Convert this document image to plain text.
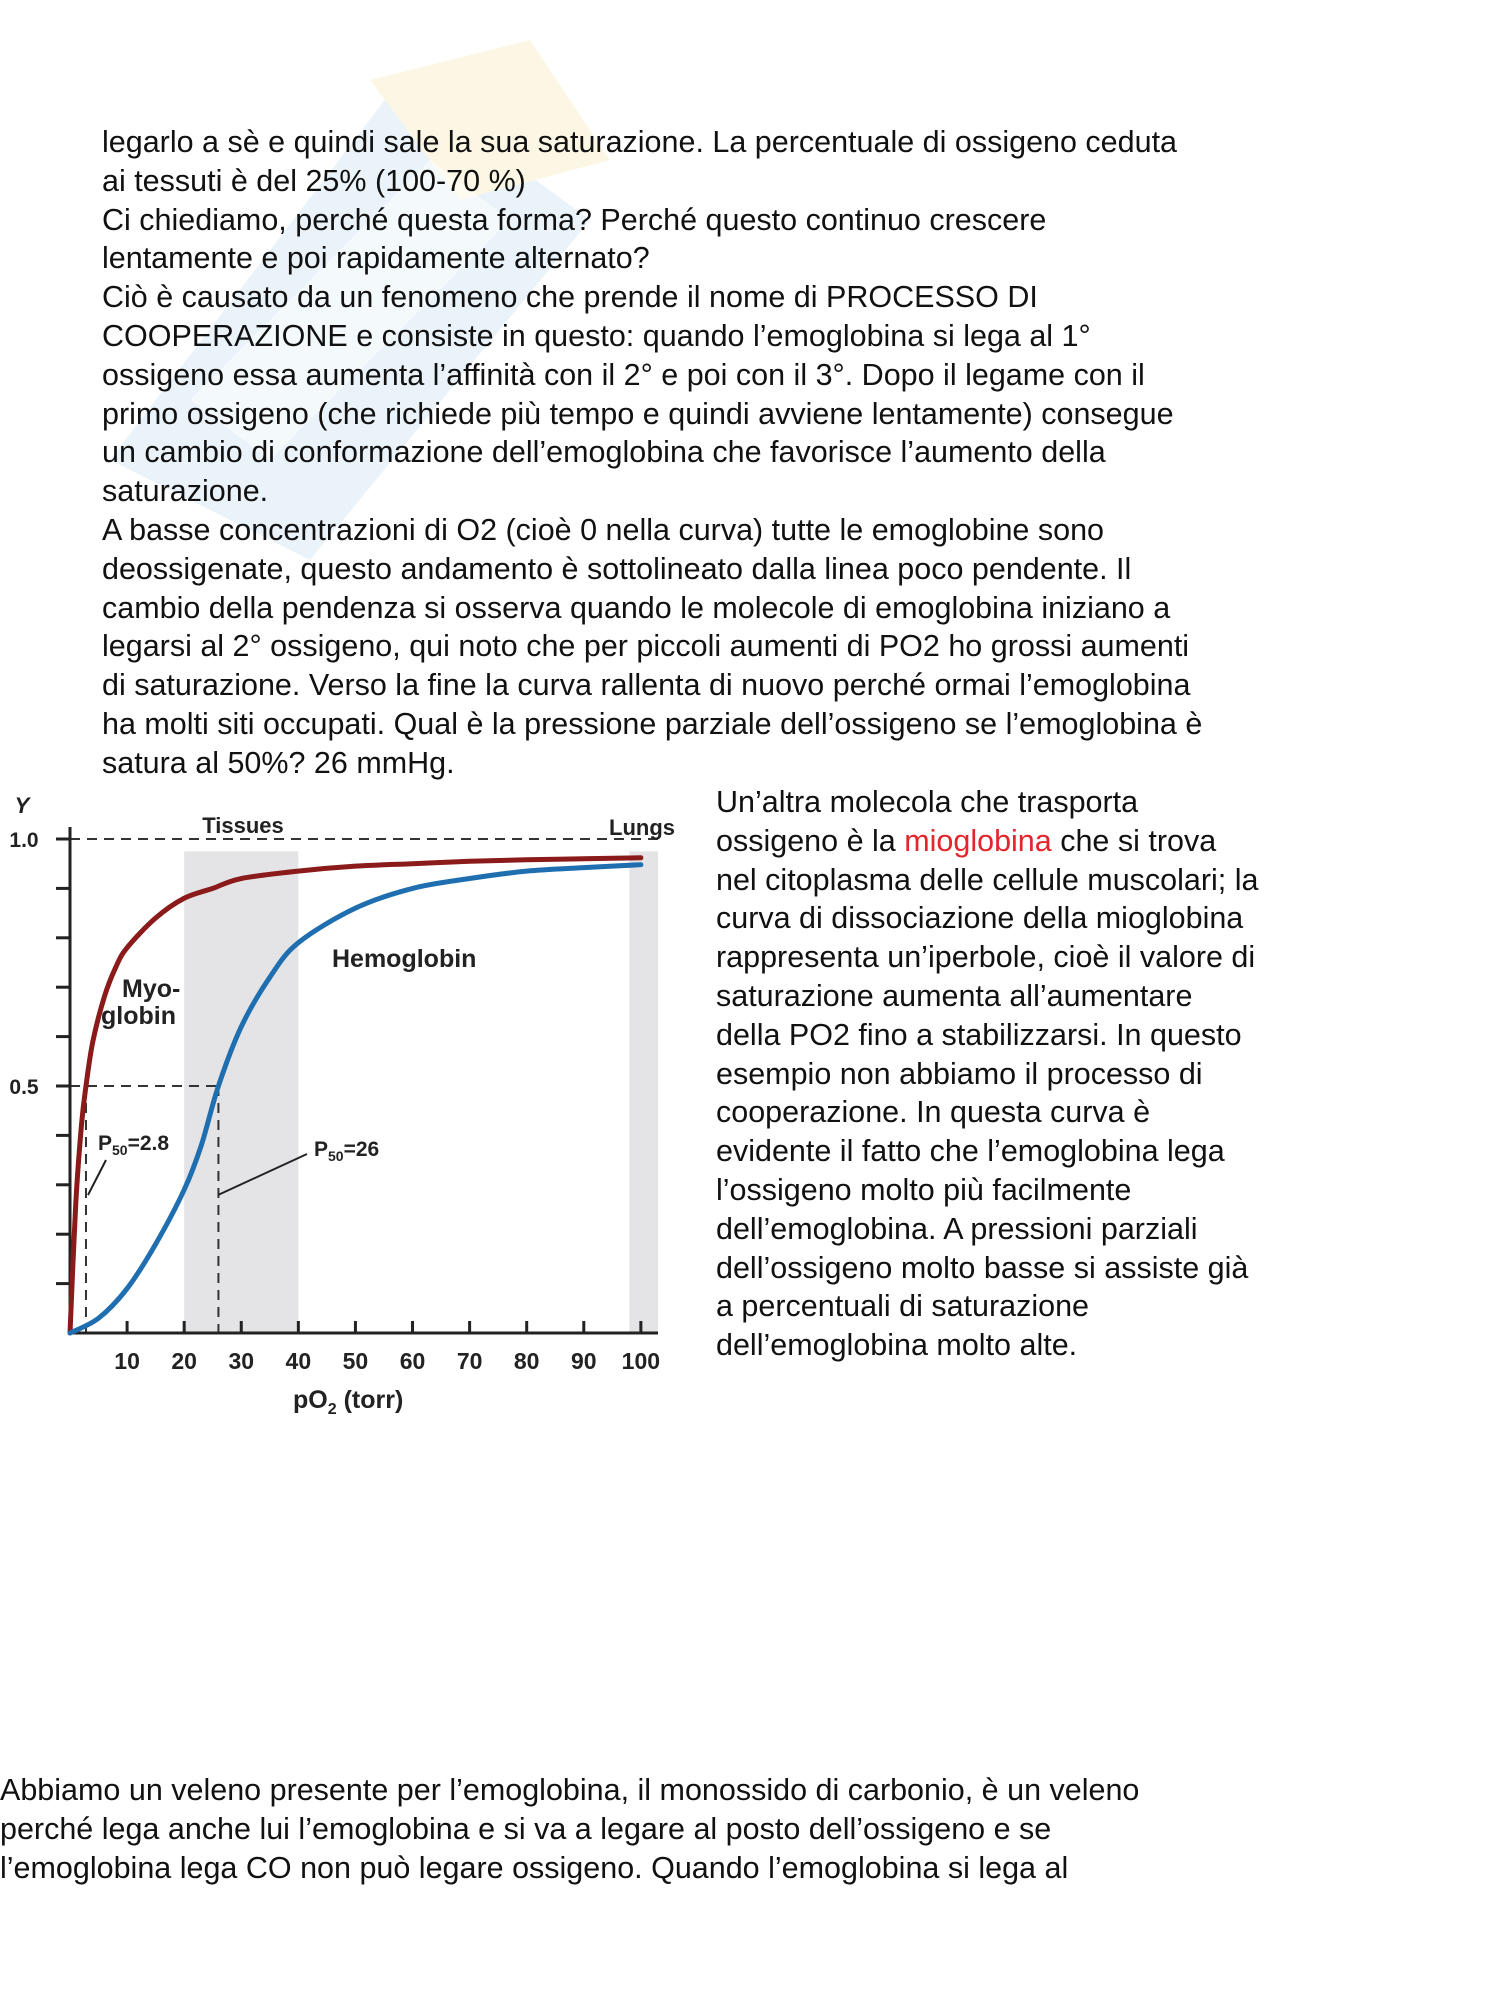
legarlo a sè e quindi sale la sua saturazione. La percentuale di ossigeno ceduta
ai tessuti è del 25% (100-70 %)
Ci chiediamo, perché questa forma? Perché questo continuo crescere
lentamente e poi rapidamente alternato?
Ciò è causato da un fenomeno che prende il nome di PROCESSO DI
COOPERAZIONE e consiste in questo: quando l’emoglobina si lega al 1°
ossigeno essa aumenta l’affinità con il 2° e poi con il 3°. Dopo il legame con il
primo ossigeno (che richiede più tempo e quindi avviene lentamente) consegue
un cambio di conformazione dell’emoglobina che favorisce l’aumento della
saturazione.
A basse concentrazioni di O2 (cioè 0 nella curva) tutte le emoglobine sono
deossigenate, questo andamento è sottolineato dalla linea poco pendente. Il
cambio della pendenza si osserva quando le molecole di emoglobina iniziano a
legarsi al 2° ossigeno, qui noto che per piccoli aumenti di PO2 ho grossi aumenti
di saturazione. Verso la fine la curva rallenta di nuovo perché ormai l’emoglobina
ha molti siti occupati. Qual è la pressione parziale dell’ossigeno se l’emoglobina è
satura al 50%? 26 mmHg.
10 20 30 40 50 60 70 80 90 100
0.5
1.0
Y
Tissues	Lungs
Hemoglobin
Myo-
globin
$P_{50}=2.8$	$P_{50}=26$
$pO_2$ (torr)
Un’altra molecola che trasporta
ossigeno è la mioglobina che si trova
nel citoplasma delle cellule muscolari; la
curva di dissociazione della mioglobina
rappresenta un’iperbole, cioè il valore di
saturazione aumenta all’aumentare
della PO2 fino a stabilizzarsi. In questo
esempio non abbiamo il processo di
cooperazione. In questa curva è
evidente il fatto che l’emoglobina lega
l’ossigeno molto più facilmente
dell’emoglobina. A pressioni parziali
dell’ossigeno molto basse si assiste già
a percentuali di saturazione
dell’emoglobina molto alte.
Abbiamo un veleno presente per l’emoglobina, il monossido di carbonio, è un veleno
perché lega anche lui l’emoglobina e si va a legare al posto dell’ossigeno e se
l’emoglobina lega CO non può legare ossigeno. Quando l’emoglobina si lega al
